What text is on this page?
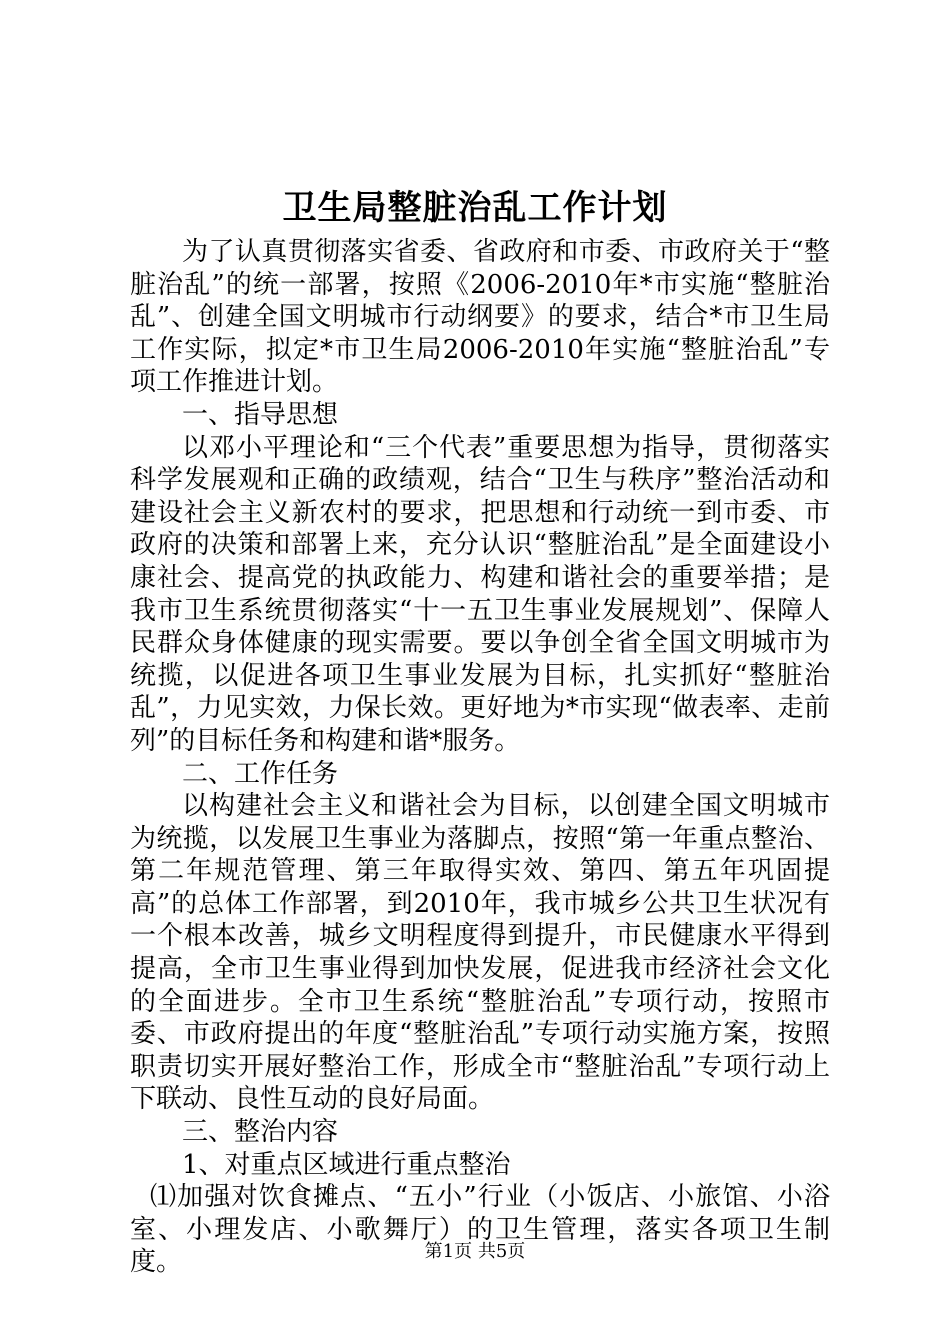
卫生局整脏治乱工作计划

为了认真贯彻落实省委、省政府和市委、市政府关于“整脏治乱”的统一部署，按照《2006-2010年*市实施“整脏治乱”、创建全国文明城市行动纲要》的要求，结合*市卫生局工作实际，拟定*市卫生局2006-2010年实施“整脏治乱”专项工作推进计划。

一、指导思想

以邓小平理论和“三个代表”重要思想为指导，贯彻落实科学发展观和正确的政绩观，结合“卫生与秩序”整治活动和建设社会主义新农村的要求，把思想和行动统一到市委、市政府的决策和部署上来，充分认识“整脏治乱”是全面建设小康社会、提高党的执政能力、构建和谐社会的重要举措；是我市卫生系统贯彻落实“十一五卫生事业发展规划”、保障人民群众身体健康的现实需要。要以争创全省全国文明城市为统揽，以促进各项卫生事业发展为目标，扎实抓好“整脏治乱”，力见实效，力保长效。更好地为*市实现“做表率、走前列”的目标任务和构建和谐*服务。

二、工作任务

以构建社会主义和谐社会为目标，以创建全国文明城市为统揽，以发展卫生事业为落脚点，按照“第一年重点整治、第二年规范管理、第三年取得实效、第四、第五年巩固提高”的总体工作部署，到2010年，我市城乡公共卫生状况有一个根本改善，城乡文明程度得到提升，市民健康水平得到提高，全市卫生事业得到加快发展，促进我市经济社会文化的全面进步。全市卫生系统“整脏治乱”专项行动，按照市委、市政府提出的年度“整脏治乱”专项行动实施方案，按照职责切实开展好整治工作，形成全市“整脏治乱”专项行动上下联动、良性互动的良好局面。

三、整治内容

1、对重点区域进行重点整治

⑴加强对饮食摊点、“五小”行业（小饭店、小旅馆、小浴室、小理发店、小歌舞厅）的卫生管理，落实各项卫生制度。	第1页 共5页
